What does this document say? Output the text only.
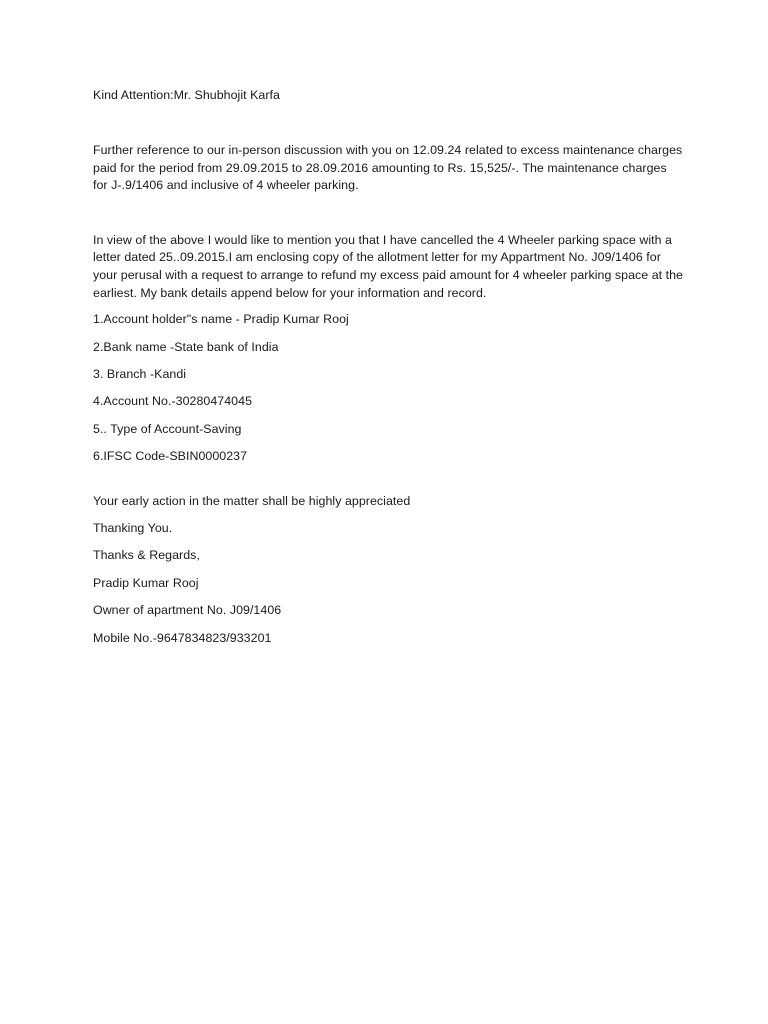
Kind Attention:Mr. Shubhojit Karfa

Further reference to our in-person discussion with you on 12.09.24 related to excess maintenance charges paid for the period from 29.09.2015 to 28.09.2016 amounting to Rs. 15,525/-. The maintenance charges for J-.9/1406 and inclusive of 4 wheeler parking.

In view of the above I would like to mention you that I have cancelled the 4 Wheeler parking space with a letter dated 25..09.2015.I am enclosing copy of the allotment letter for my Appartment No. J09/1406 for your perusal with a request to arrange to refund my excess paid amount for 4 wheeler parking space at the earliest. My bank details append below for your information and record.

1.Account holder"s name - Pradip Kumar Rooj
2.Bank name -State bank of India
3. Branch -Kandi
4.Account No.-30280474045
5.. Type of Account-Saving
6.IFSC Code-SBIN0000237

Your early action in the matter shall be highly appreciated

Thanking You.

Thanks & Regards,

Pradip Kumar Rooj

Owner of apartment No. J09/1406

Mobile No.-9647834823/933201
